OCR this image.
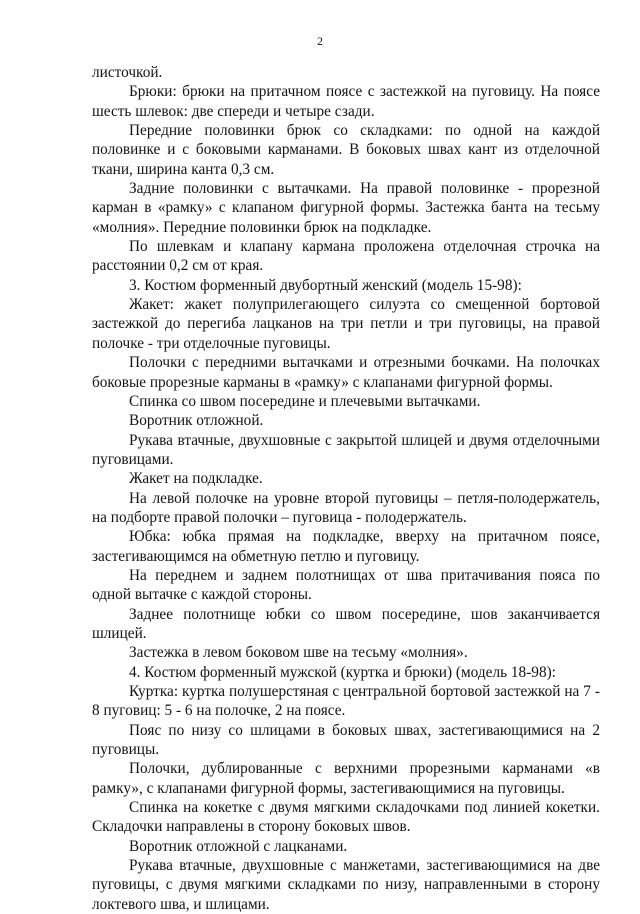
2

листочкой.

Брюки: брюки на притачном поясе с застежкой на пуговицу. На поясе шесть шлевок: две спереди и четыре сзади.

Передние половинки брюк со складками: по одной на каждой половинке и с боковыми карманами. В боковых швах кант из отделочной ткани, ширина канта 0,3 см.

Задние половинки с вытачками. На правой половинке - прорезной карман в «рамку» с клапаном фигурной формы. Застежка банта на тесьму «молния». Передние половинки брюк на подкладке.

По шлевкам и клапану кармана проложена отделочная строчка на расстоянии 0,2 см от края.

3. Костюм форменный двубортный женский (модель 15-98):

Жакет: жакет полуприлегающего силуэта со смещенной бортовой застежкой до перегиба лацканов на три петли и три пуговицы, на правой полочке - три отделочные пуговицы.

Полочки с передними вытачками и отрезными бочками. На полочках боковые прорезные карманы в «рамку» с клапанами фигурной формы.

Спинка со швом посередине и плечевыми вытачками.

Воротник отложной.

Рукава втачные, двухшовные с закрытой шлицей и двумя отделочными пуговицами.

Жакет на подкладке.

На левой полочке на уровне второй пуговицы – петля-полодержатель, на подборте правой полочки – пуговица - полодержатель.

Юбка: юбка прямая на подкладке, вверху на притачном поясе, застегивающимся на обметную петлю и пуговицу.

На переднем и заднем полотнищах от шва притачивания пояса по одной вытачке с каждой стороны.

Заднее полотнище юбки со швом посередине, шов заканчивается шлицей.

Застежка в левом боковом шве на тесьму «молния».

4. Костюм форменный мужской (куртка и брюки) (модель 18-98):

Куртка: куртка полушерстяная с центральной бортовой застежкой на 7 - 8 пуговиц: 5 - 6 на полочке, 2 на поясе.

Пояс по низу со шлицами в боковых швах, застегивающимися на 2 пуговицы.

Полочки, дублированные с верхними прорезными карманами «в рамку», с клапанами фигурной формы, застегивающимися на пуговицы.

Спинка на кокетке с двумя мягкими складочками под линией кокетки. Складочки направлены в сторону боковых швов.

Воротник отложной с лацканами.

Рукава втачные, двухшовные с манжетами, застегивающимися на две пуговицы, с двумя мягкими складками по низу, направленными в сторону локтевого шва, и шлицами.
